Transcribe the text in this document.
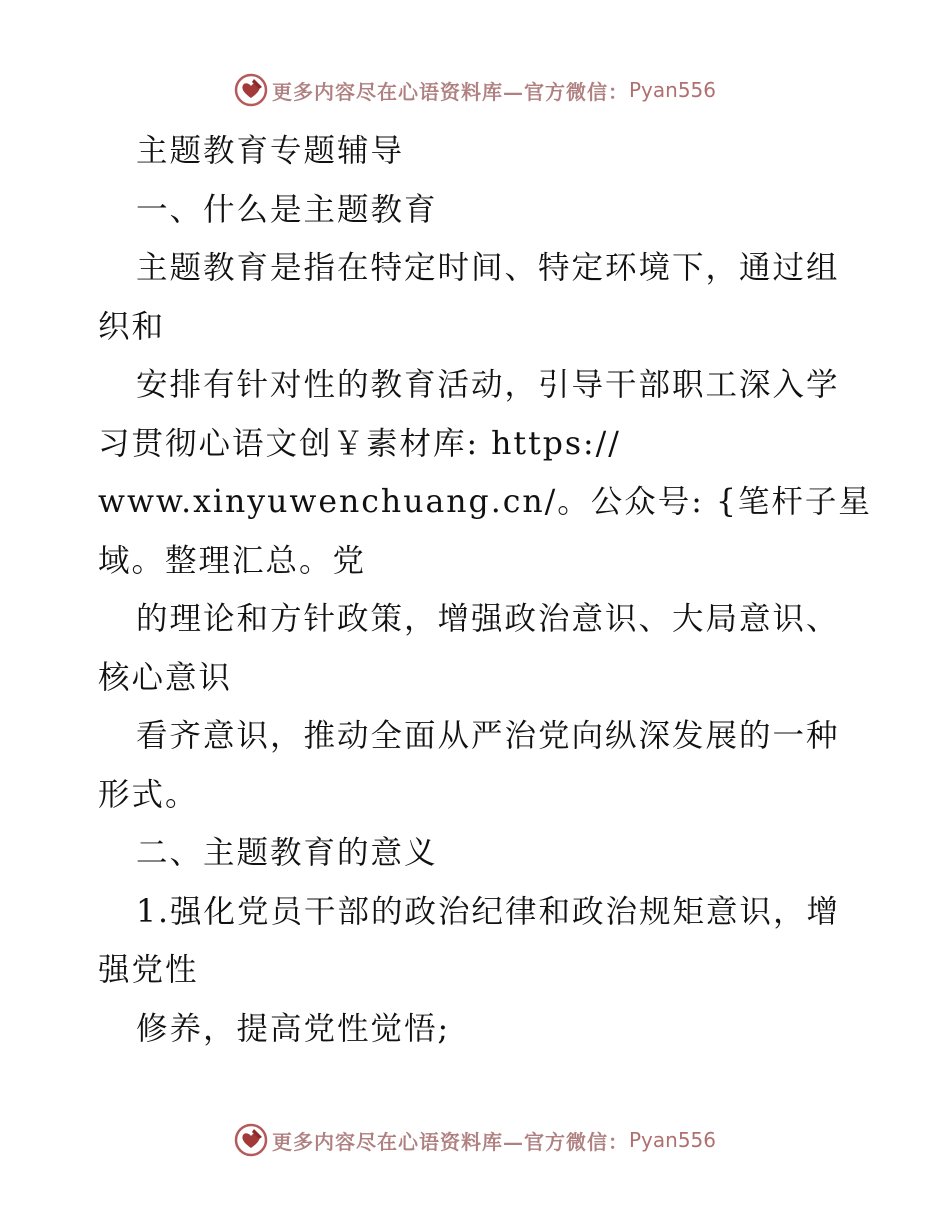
更多内容尽在心语资料库—官方微信： Pyan556

主题教育专题辅导

一、什么是主题教育

主题教育是指在特定时间、特定环境下，通过组

织和

安排有针对性的教育活动，引导干部职工深入学

习贯彻心语文创￥素材库: https://

www.xinyuwenchuang.cn/。公众号: {笔杆子星

域。整理汇总。党

的理论和方针政策，增强政治意识、大局意识、

核心意识

看齐意识，推动全面从严治党向纵深发展的一种

形式。

二、主题教育的意义

1.强化党员干部的政治纪律和政治规矩意识，增

强党性

修养，提高党性觉悟;

更多内容尽在心语资料库—官方微信： Pyan556
